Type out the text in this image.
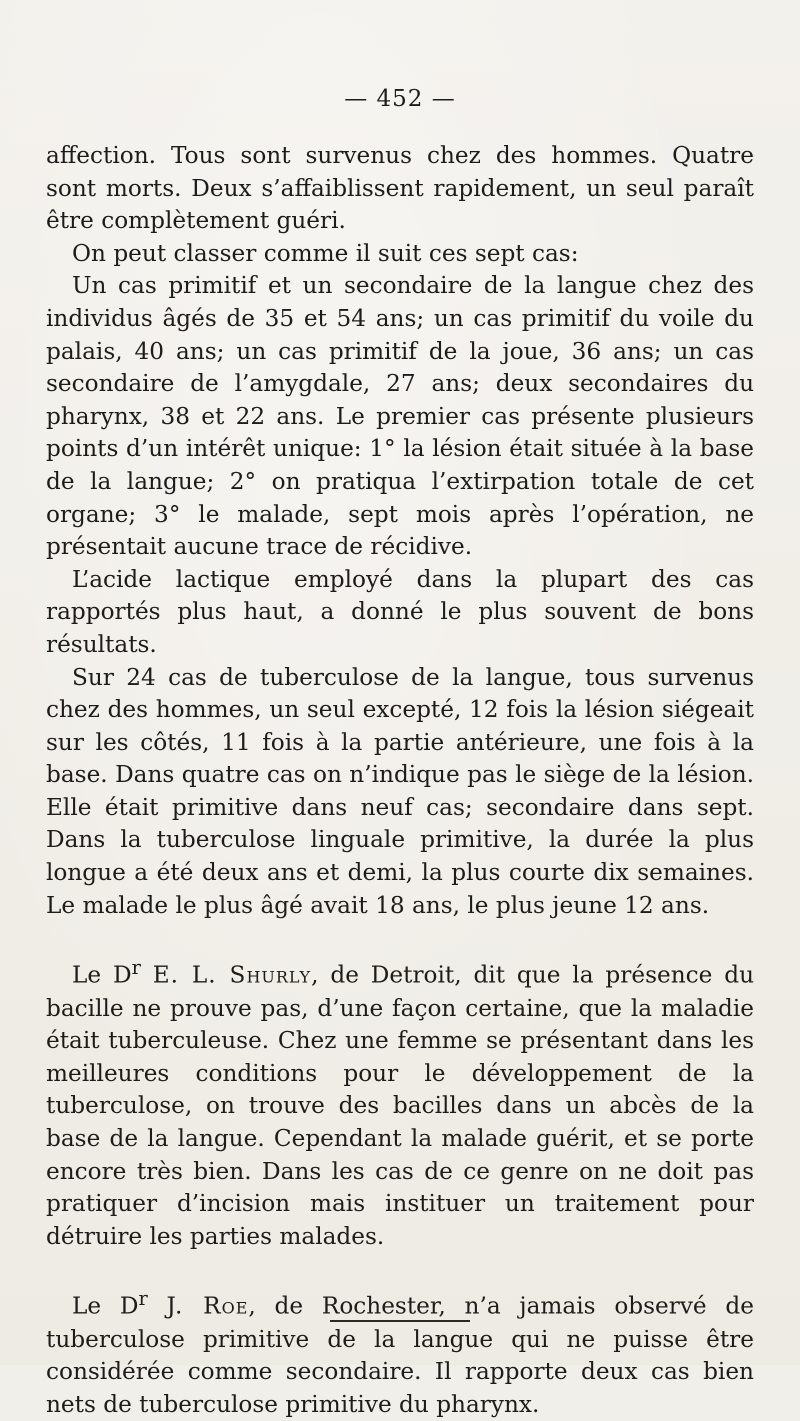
— 452 —

affection. Tous sont survenus chez des hommes. Quatre sont morts. Deux s’affaiblissent rapidement, un seul paraît être complètement guéri.

On peut classer comme il suit ces sept cas:

Un cas primitif et un secondaire de la langue chez des individus âgés de 35 et 54 ans; un cas primitif du voile du palais, 40 ans; un cas primitif de la joue, 36 ans; un cas secondaire de l’amygdale, 27 ans; deux secondaires du pharynx, 38 et 22 ans. Le premier cas présente plusieurs points d’un intérêt unique: 1° la lésion était située à la base de la langue; 2° on pratiqua l’extirpation totale de cet organe; 3° le malade, sept mois après l’opération, ne présentait aucune trace de récidive.

L’acide lactique employé dans la plupart des cas rapportés plus haut, a donné le plus souvent de bons résultats.

Sur 24 cas de tuberculose de la langue, tous survenus chez des hommes, un seul excepté, 12 fois la lésion siégeait sur les côtés, 11 fois à la partie antérieure, une fois à la base. Dans quatre cas on n’indique pas le siège de la lésion. Elle était primitive dans neuf cas; secondaire dans sept. Dans la tuberculose linguale primitive, la durée la plus longue a été deux ans et demi, la plus courte dix semaines. Le malade le plus âgé avait 18 ans, le plus jeune 12 ans.

Le $D^r$ E. L. Shurly, de Detroit, dit que la présence du bacille ne prouve pas, d’une façon certaine, que la maladie était tuberculeuse. Chez une femme se présentant dans les meilleures conditions pour le développement de la tuberculose, on trouve des bacilles dans un abcès de la base de la langue. Cependant la malade guérit, et se porte encore très bien. Dans les cas de ce genre on ne doit pas pratiquer d’incision mais instituer un traitement pour détruire les parties malades.

Le $D^r$ J. Roe, de Rochester, n’a jamais observé de tuberculose primitive de la langue qui ne puisse être considérée comme secondaire. Il rapporte deux cas bien nets de tuberculose primitive du pharynx.
